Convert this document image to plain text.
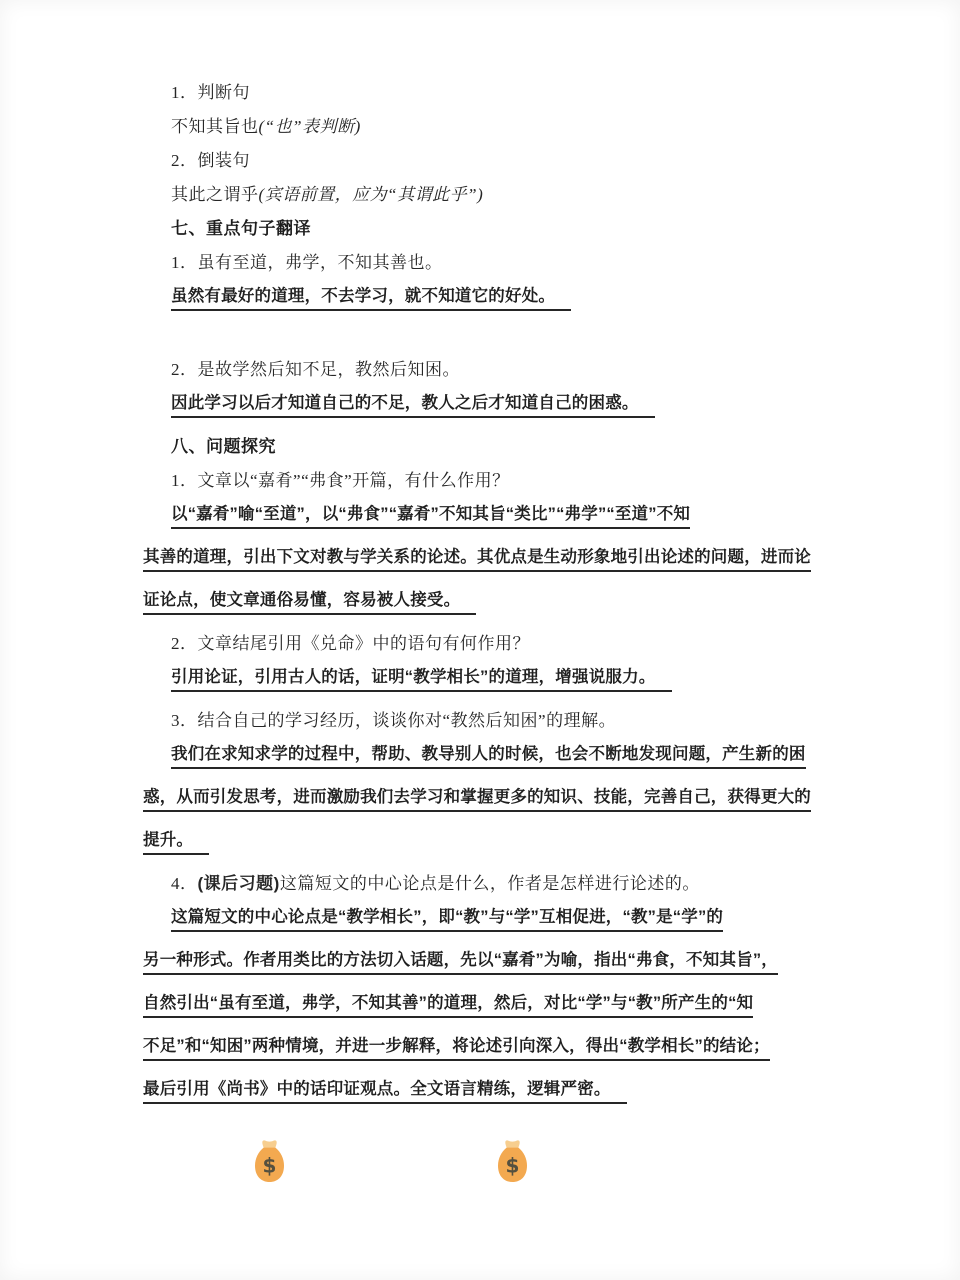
1．判断句
不知其旨也(“也”表判断)
2．倒装句
其此之谓乎(宾语前置，应为“其谓此乎”)
七、重点句子翻译
1．虽有至道，弗学，不知其善也。
虽然有最好的道理，不去学习，就不知道它的好处。
2．是故学然后知不足，教然后知困。
因此学习以后才知道自己的不足，教人之后才知道自己的困惑。
八、问题探究
1．文章以“嘉肴”“弗食”开篇，有什么作用？
以“嘉肴”喻“至道”，以“弗食”“嘉肴”不知其旨“类比”“弗学”“至道”不知
其善的道理，引出下文对教与学关系的论述。其优点是生动形象地引出论述的问题，进而论
证论点，使文章通俗易懂，容易被人接受。
2．文章结尾引用《兑命》中的语句有何作用？
引用论证，引用古人的话，证明“教学相长”的道理，增强说服力。
3．结合自己的学习经历，谈谈你对“教然后知困”的理解。
我们在求知求学的过程中，帮助、教导别人的时候，也会不断地发现问题，产生新的困
惑，从而引发思考，进而激励我们去学习和掌握更多的知识、技能，完善自己，获得更大的
提升。
4．(课后习题)这篇短文的中心论点是什么，作者是怎样进行论述的。
这篇短文的中心论点是“教学相长”，即“教”与“学”互相促进，“教”是“学”的
另一种形式。作者用类比的方法切入话题，先以“嘉肴”为喻，指出“弗食，不知其旨”，
自然引出“虽有至道，弗学，不知其善”的道理，然后，对比“学”与“教”所产生的“知
不足”和“知困”两种情境，并进一步解释，将论述引向深入，得出“教学相长”的结论；
最后引用《尚书》中的话印证观点。全文语言精练，逻辑严密。
$	$
